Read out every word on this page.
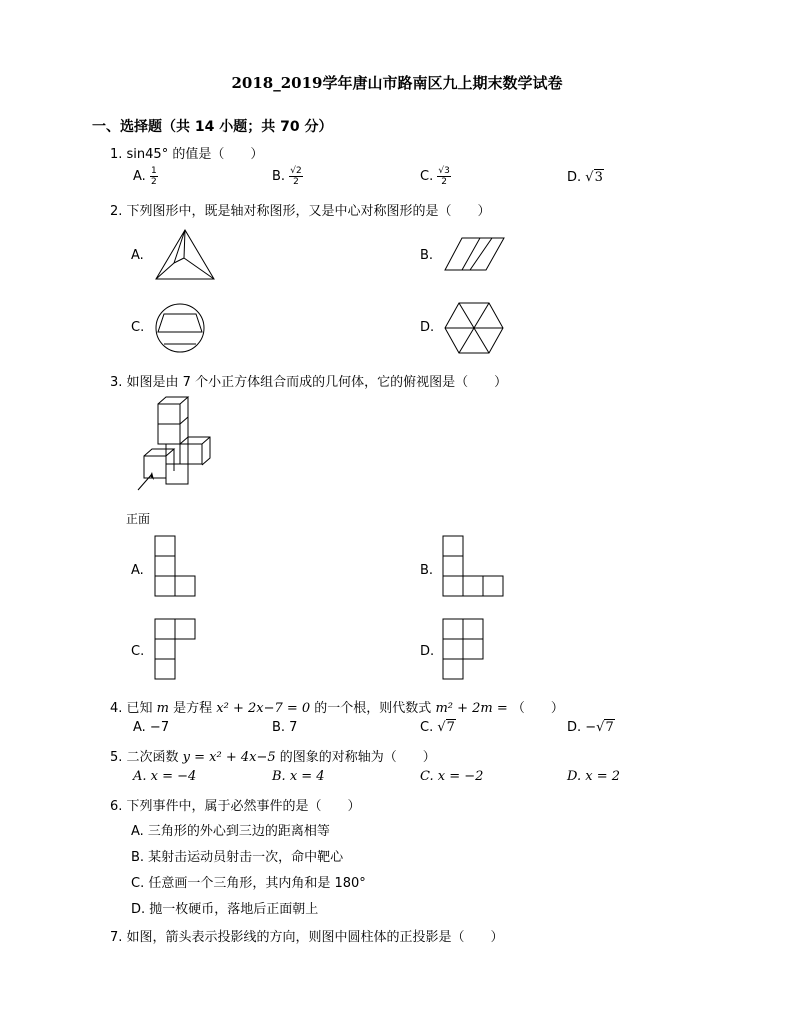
2018_2019学年唐山市路南区九上期末数学试卷
一、选择题（共 14 小题；共 70 分）
1. sin45° 的值是（　　）
A. $\frac{1}{2}$	B. $\frac{√2}{2}$	C. $\frac{√3}{2}$	D. √3
2. 下列图形中，既是轴对称图形，又是中心对称图形的是（　　）
A.	B.
C.	D.
3. 如图是由 7 个小正方体组合而成的几何体，它的俯视图是（　　）
正面
A.	B.
C.	D.
4. 已知 m 是方程 x² + 2x−7 = 0 的一个根，则代数式 m² + 2m = （　　）
A. −7	B. 7	C. √7	D. −√7
5. 二次函数 y = x² + 4x−5 的图象的对称轴为（　　）
A. x = −4	B. x = 4	C. x = −2	D. x = 2
6. 下列事件中，属于必然事件的是（　　）
A. 三角形的外心到三边的距离相等
B. 某射击运动员射击一次，命中靶心
C. 任意画一个三角形，其内角和是 180°
D. 抛一枚硬币，落地后正面朝上
7. 如图，箭头表示投影线的方向，则图中圆柱体的正投影是（　　）
